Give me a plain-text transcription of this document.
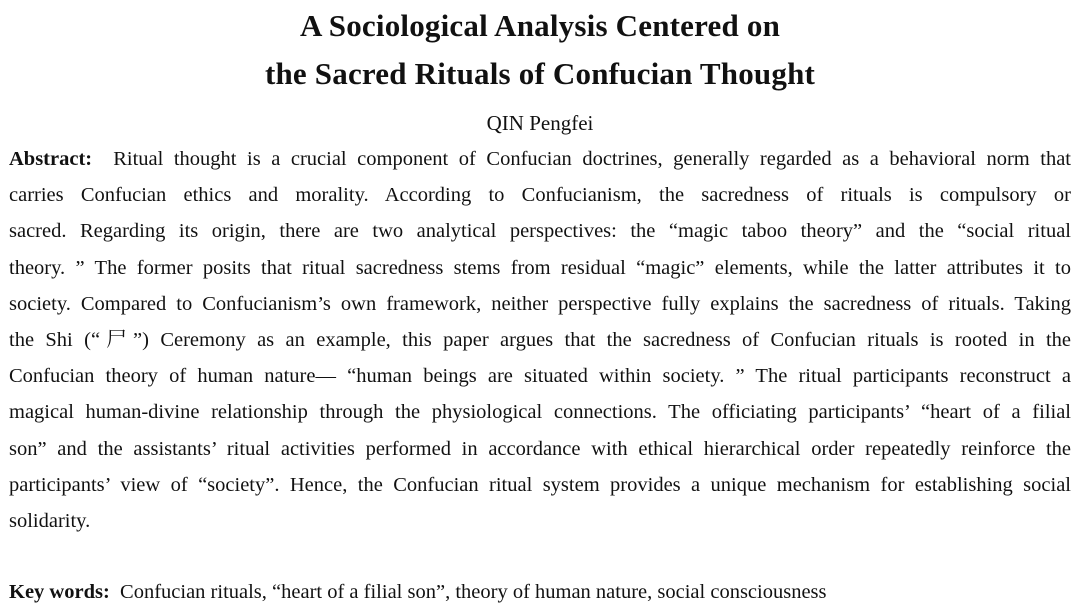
A Sociological Analysis Centered on
the Sacred Rituals of Confucian Thought
QIN Pengfei
Abstract: Ritual thought is a crucial component of Confucian doctrines, generally regarded as a behavioral norm that
carries Confucian ethics and morality. According to Confucianism, the sacredness of rituals is compulsory or
sacred. Regarding its origin, there are two analytical perspectives: the “magic taboo theory” and the “social ritual
theory. ” The former posits that ritual sacredness stems from residual “magic” elements, while the latter attributes it to
society. Compared to Confucianism’s own framework, neither perspective fully explains the sacredness of rituals. Taking
the Shi (“尸”) Ceremony as an example, this paper argues that the sacredness of Confucian rituals is rooted in the
Confucian theory of human nature— “human beings are situated within society. ” The ritual participants reconstruct a
magical human-divine relationship through the physiological connections. The officiating participants’ “heart of a filial
son” and the assistants’ ritual activities performed in accordance with ethical hierarchical order repeatedly reinforce the
participants’ view of “society”. Hence, the Confucian ritual system provides a unique mechanism for establishing social
solidarity.

Key words: Confucian rituals, “heart of a filial son”, theory of human nature, social consciousness
